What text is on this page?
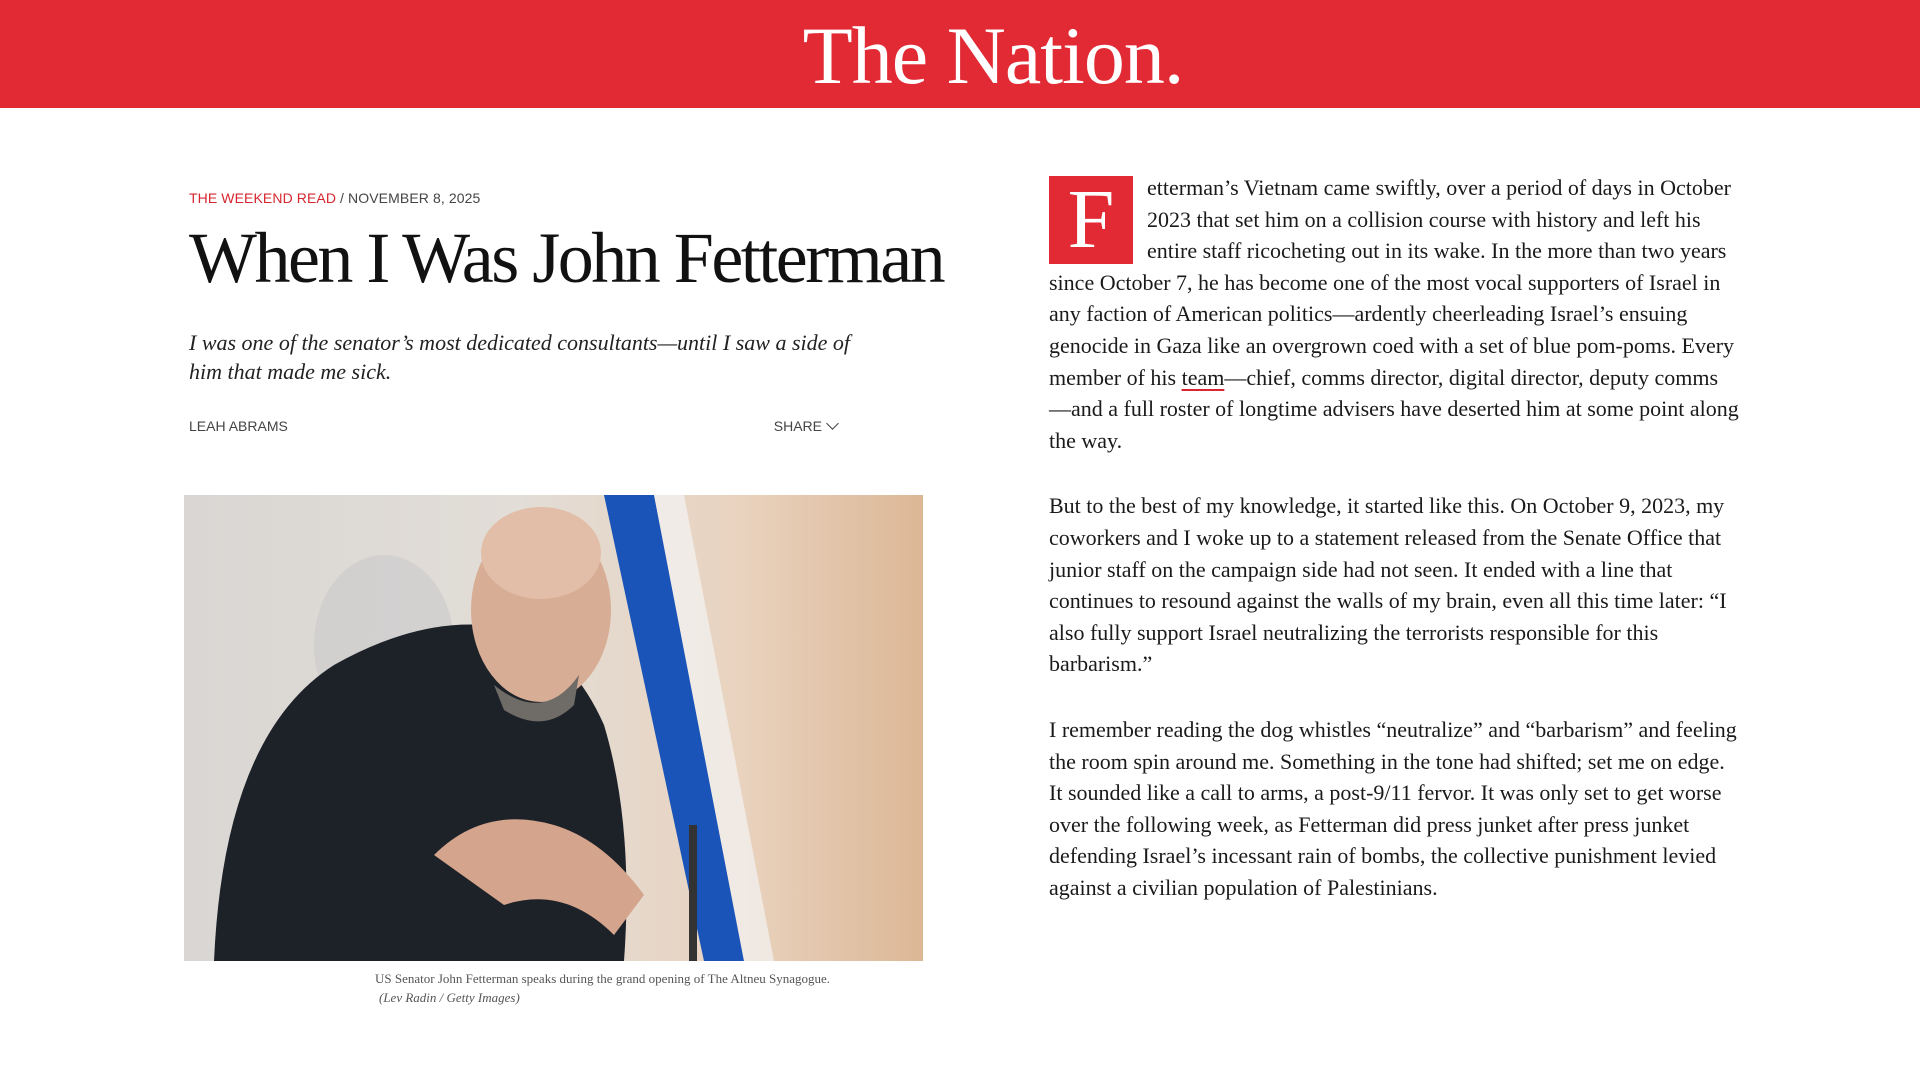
The Nation.
THE WEEKEND READ / NOVEMBER 8, 2025
When I Was John Fetterman

I was one of the senator’s most dedicated consultants—until I saw a side of him that made me sick.

LEAH ABRAMS	SHARE
US Senator John Fetterman speaks during the grand opening of The Altneu Synagogue.
(Lev Radin / Getty Images)

F	etterman’s Vietnam came swiftly, over a period of days in October 2023 that set him on a collision course with history and left his entire staff ricocheting out in its wake. In the more than two years since October 7, he has become one of the most vocal supporters of Israel in any faction of American politics—ardently cheerleading Israel’s ensuing genocide in Gaza like an overgrown coed with a set of blue pom-poms. Every member of his team—chief, comms director, digital director, deputy comms—and a full roster of longtime advisers have deserted him at some point along the way.

But to the best of my knowledge, it started like this. On October 9, 2023, my coworkers and I woke up to a statement released from the Senate Office that junior staff on the campaign side had not seen. It ended with a line that continues to resound against the walls of my brain, even all this time later: “I also fully support Israel neutralizing the terrorists responsible for this barbarism.”

I remember reading the dog whistles “neutralize” and “barbarism” and feeling the room spin around me. Something in the tone had shifted; set me on edge. It sounded like a call to arms, a post-9/11 fervor. It was only set to get worse over the following week, as Fetterman did press junket after press junket defending Israel’s incessant rain of bombs, the collective punishment levied against a civilian population of Palestinians.
